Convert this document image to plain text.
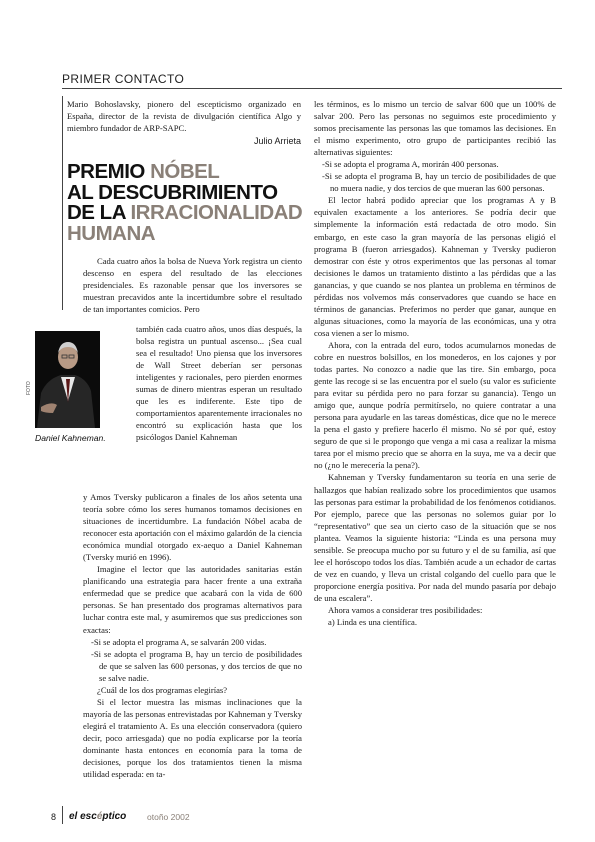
PRIMER CONTACTO

Mario Bohoslavsky, pionero del escepticismo organizado en España, director de la revista de divulgación científica Algo y miembro fundador de ARP-SAPC.

Julio Arrieta
PREMIO NÓBEL
AL DESCUBRIMIENTO
DE LA IRRACIONALIDAD
HUMANA
FOTO
Daniel Kahneman.

Cada cuatro años la bolsa de Nueva York registra un ciento descenso en espera del resultado de las elecciones presidenciales. Es razonable pensar que los inversores se muestran precavidos ante la incertidumbre sobre el resultado de tan importantes comicios. Pero

también cada cuatro años, unos días después, la bolsa registra un puntual ascenso... ¡Sea cual sea el resultado! Uno piensa que los inversores de Wall Street deberían ser personas inteligentes y racionales, pero pierden enormes sumas de dinero mientras esperan un resultado que les es indiferente. Este tipo de comportamientos aparentemente irracionales no encontró su explicación hasta que los psicólogos Daniel Kahneman

y Amos Tversky publicaron a finales de los años setenta una teoría sobre cómo los seres humanos tomamos decisiones en situaciones de incertidumbre. La fundación Nóbel acaba de reconocer esta aportación con el máximo galardón de la ciencia económica mundial otorgado ex-aequo a Daniel Kahneman (Tversky murió en 1996).

Imagine el lector que las autoridades sanitarias están planificando una estrategia para hacer frente a una extraña enfermedad que se predice que acabará con la vida de 600 personas. Se han presentado dos programas alternativos para luchar contra este mal, y asumiremos que sus predicciones son exactas:

-Si se adopta el programa A, se salvarán 200 vidas.

-Si se adopta el programa B, hay un tercio de posibilidades de que se salven las 600 personas, y dos tercios de que no se salve nadie.

¿Cuál de los dos programas elegirías?

Si el lector muestra las mismas inclinaciones que la mayoría de las personas entrevistadas por Kahneman y Tversky elegirá el tratamiento A. Es una elección conservadora (quiero decir, poco arriesgada) que no podía explicarse por la teoría dominante hasta entonces en economía para la toma de decisiones, porque los dos tratamientos tienen la misma utilidad esperada: en ta-

les términos, es lo mismo un tercio de salvar 600 que un 100% de salvar 200. Pero las personas no seguimos este procedimiento y somos precisamente las personas las que tomamos las decisiones. En el mismo experimento, otro grupo de participantes recibió las alternativas siguientes:

-Si se adopta el programa A, morirán 400 personas.

-Si se adopta el programa B, hay un tercio de posibilidades de que no muera nadie, y dos tercios de que mueran las 600 personas.

El lector habrá podido apreciar que los programas A y B equivalen exactamente a los anteriores. Se podría decir que simplemente la información está redactada de otro modo. Sin embargo, en este caso la gran mayoría de las personas eligió el programa B (fueron arriesgados). Kahneman y Tversky pudieron demostrar con éste y otros experimentos que las personas al tomar decisiones le damos un tratamiento distinto a las pérdidas que a las ganancias, y que cuando se nos plantea un problema en términos de pérdidas nos volvemos más conservadores que cuando se hace en términos de ganancias. Preferimos no perder que ganar, aunque en algunas situaciones, como la mayoría de las económicas, una y otra cosa vienen a ser lo mismo.

Ahora, con la entrada del euro, todos acumularnos monedas de cobre en nuestros bolsillos, en los monederos, en los cajones y por todas partes. No conozco a nadie que las tire. Sin embargo, poca gente las recoge si se las encuentra por el suelo (su valor es suficiente para evitar su pérdida pero no para forzar su ganancia). Tengo un amigo que, aunque podría permitírselo, no quiere contratar a una persona para ayudarle en las tareas domésticas, dice que no le merece la pena el gasto y prefiere hacerlo él mismo. No sé por qué, estoy seguro de que si le propongo que venga a mi casa a realizar la misma tarea por el mismo precio que se ahorra en la suya, me va a decir que no (¿no le merecería la pena?).

Kahneman y Tversky fundamentaron su teoría en una serie de hallazgos que habían realizado sobre los procedimientos que usamos las personas para estimar la probabilidad de los fenómenos cotidianos. Por ejemplo, parece que las personas no solemos guiar por lo “representativo” que sea un cierto caso de la situación que se nos plantea. Veamos la siguiente historia: “Linda es una persona muy sensible. Se preocupa mucho por su futuro y el de su familia, así que lee el horóscopo todos los días. También acude a un echador de cartas de vez en cuando, y lleva un cristal colgando del cuello para que le proporcione energía positiva. Por nada del mundo pasaría por debajo de una escalera”.

Ahora vamos a considerar tres posibilidades:

a) Linda es una científica.

8 el escéptico otoño 2002
